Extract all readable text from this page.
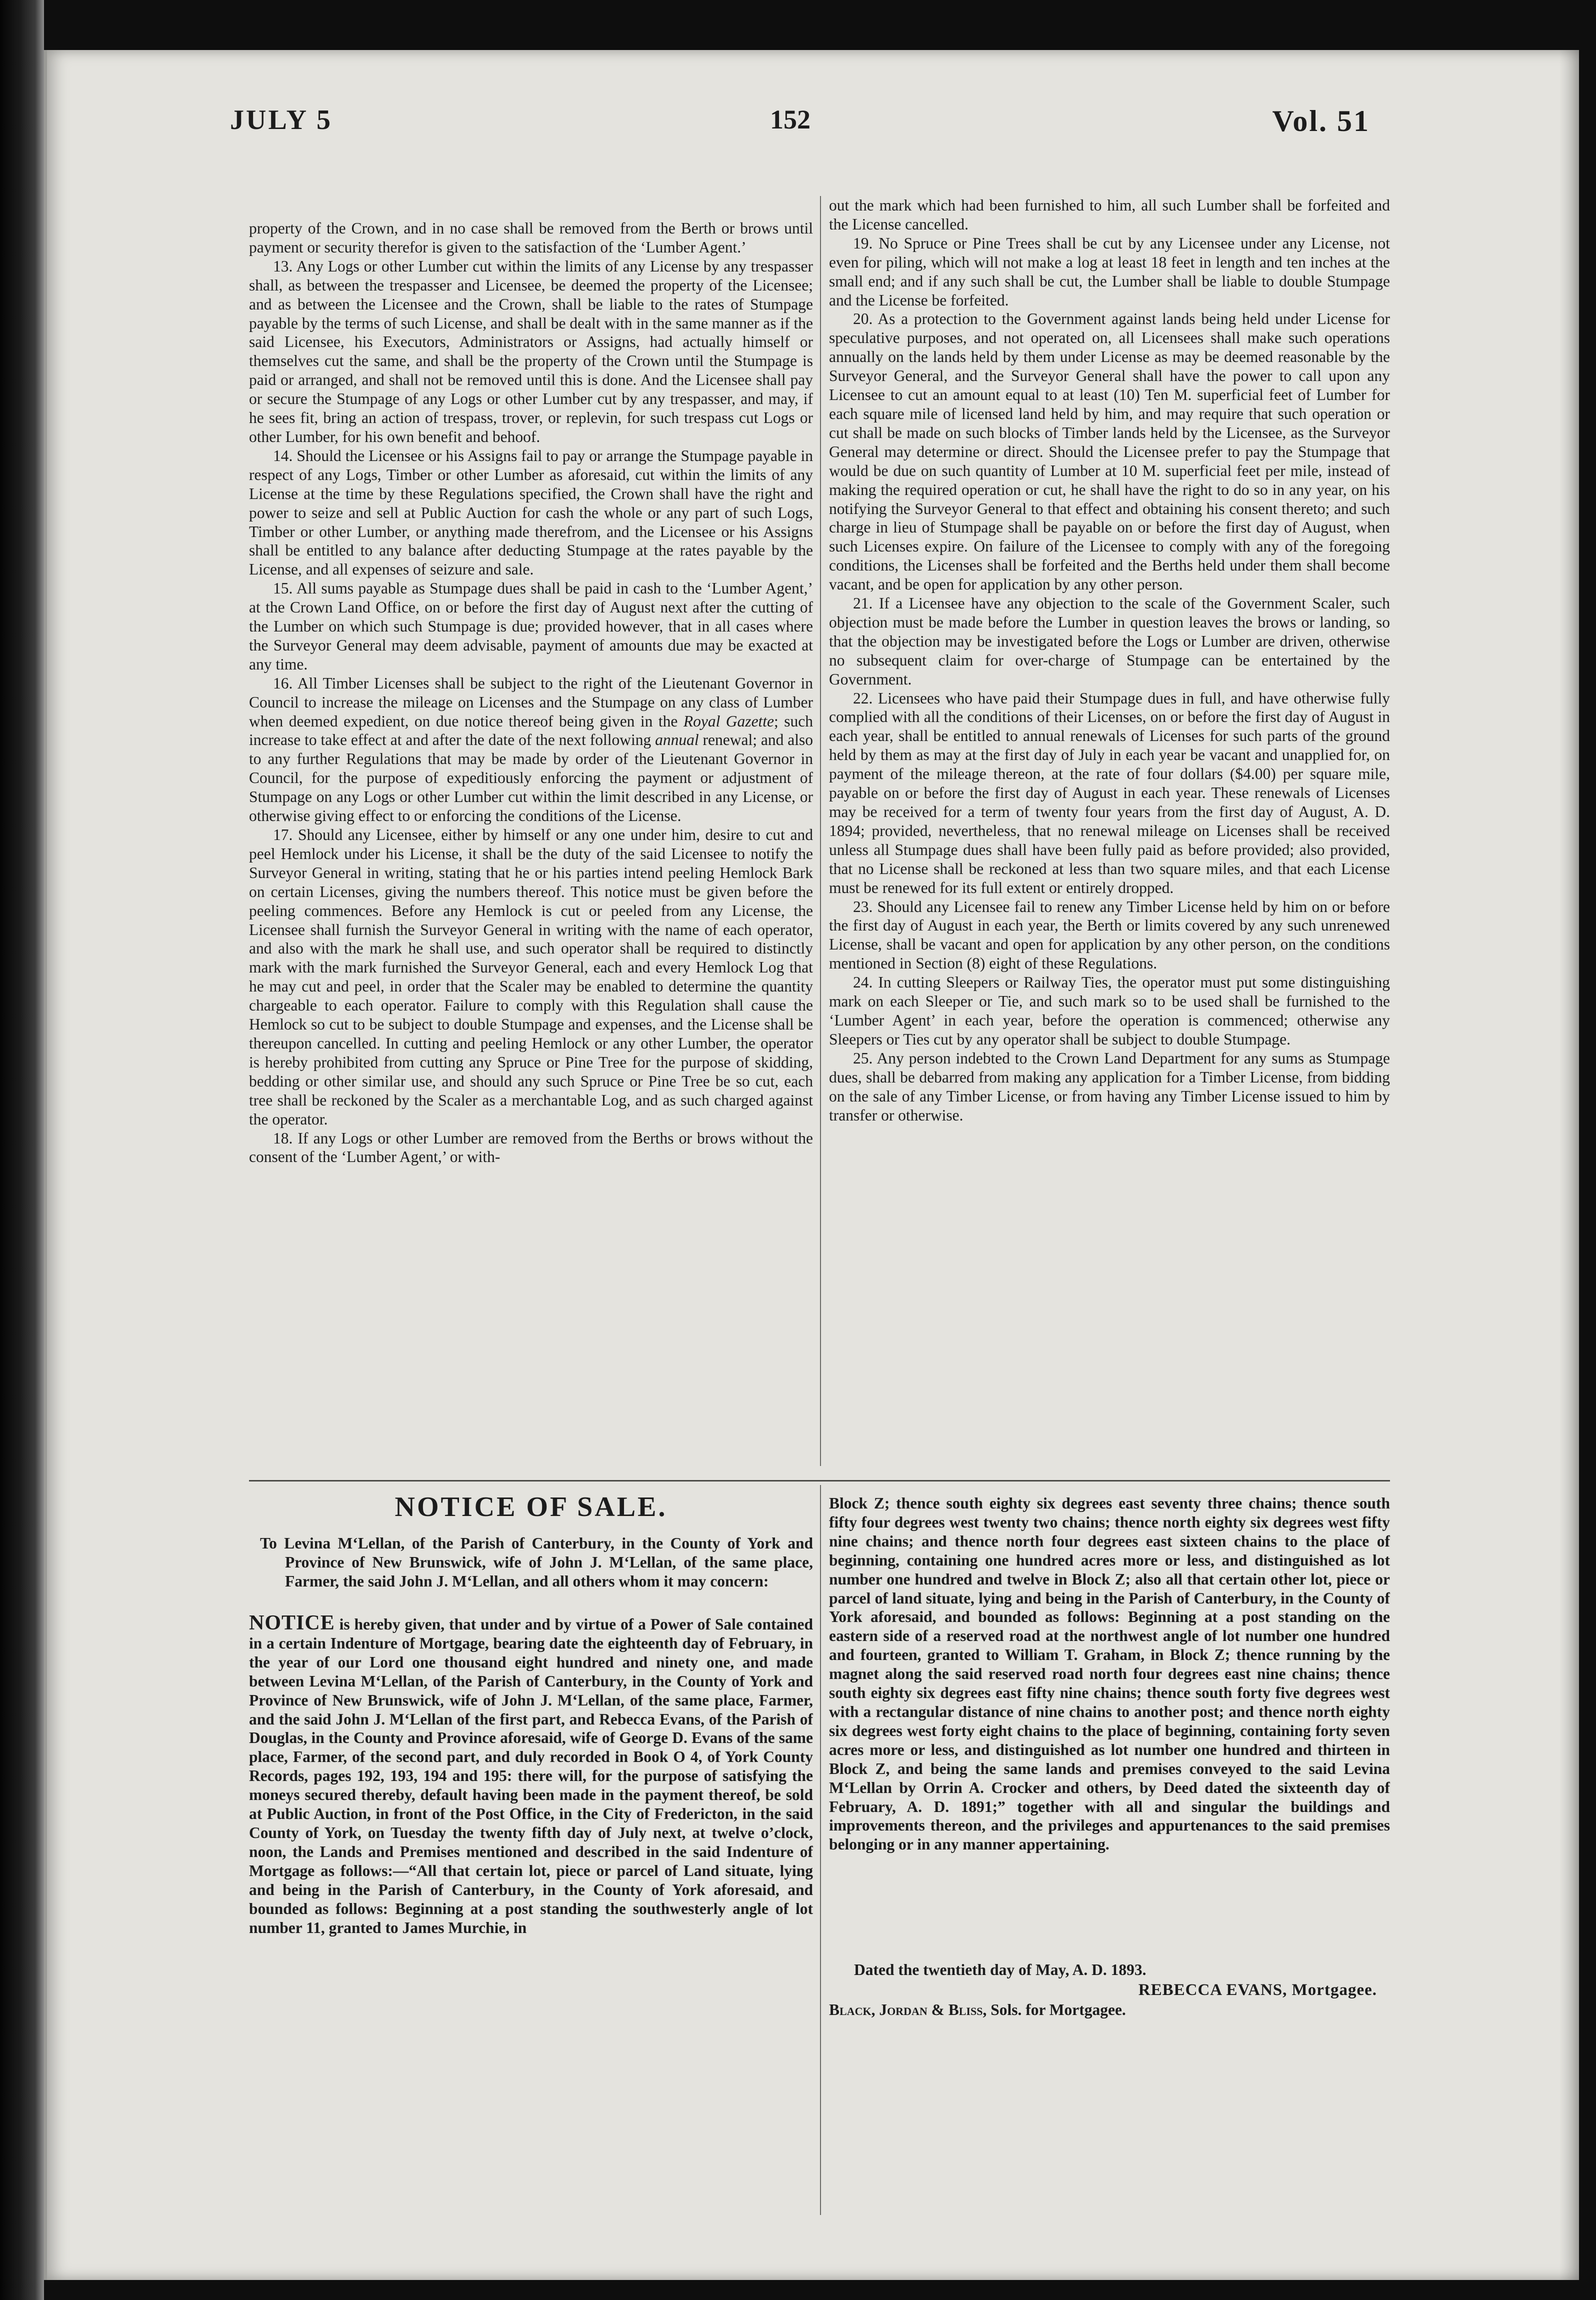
JULY 5	152	Vol. 51

property of the Crown, and in no case shall be removed from the Berth or brows until payment or security therefor is given to the satisfaction of the ‘Lumber Agent.’

13. Any Logs or other Lumber cut within the limits of any License by any trespasser shall, as between the trespasser and Licensee, be deemed the property of the Licensee; and as between the Licensee and the Crown, shall be liable to the rates of Stumpage payable by the terms of such License, and shall be dealt with in the same manner as if the said Licensee, his Executors, Administrators or Assigns, had actually himself or themselves cut the same, and shall be the property of the Crown until the Stumpage is paid or arranged, and shall not be removed until this is done. And the Licensee shall pay or secure the Stumpage of any Logs or other Lumber cut by any trespasser, and may, if he sees fit, bring an action of trespass, trover, or replevin, for such trespass cut Logs or other Lumber, for his own benefit and behoof.

14. Should the Licensee or his Assigns fail to pay or arrange the Stumpage payable in respect of any Logs, Timber or other Lumber as aforesaid, cut within the limits of any License at the time by these Regulations specified, the Crown shall have the right and power to seize and sell at Public Auction for cash the whole or any part of such Logs, Timber or other Lumber, or anything made therefrom, and the Licensee or his Assigns shall be entitled to any balance after deducting Stumpage at the rates payable by the License, and all expenses of seizure and sale.

15. All sums payable as Stumpage dues shall be paid in cash to the ‘Lumber Agent,’ at the Crown Land Office, on or before the first day of August next after the cutting of the Lumber on which such Stumpage is due; provided however, that in all cases where the Surveyor General may deem advisable, payment of amounts due may be exacted at any time.

16. All Timber Licenses shall be subject to the right of the Lieutenant Governor in Council to increase the mileage on Licenses and the Stumpage on any class of Lumber when deemed expedient, on due notice thereof being given in the Royal Gazette; such increase to take effect at and after the date of the next following annual renewal; and also to any further Regulations that may be made by order of the Lieutenant Governor in Council, for the purpose of expeditiously enforcing the payment or adjustment of Stumpage on any Logs or other Lumber cut within the limit described in any License, or otherwise giving effect to or enforcing the conditions of the License.

17. Should any Licensee, either by himself or any one under him, desire to cut and peel Hemlock under his License, it shall be the duty of the said Licensee to notify the Surveyor General in writing, stating that he or his parties intend peeling Hemlock Bark on certain Licenses, giving the numbers thereof. This notice must be given before the peeling commences. Before any Hemlock is cut or peeled from any License, the Licensee shall furnish the Surveyor General in writing with the name of each operator, and also with the mark he shall use, and such operator shall be required to distinctly mark with the mark furnished the Surveyor General, each and every Hemlock Log that he may cut and peel, in order that the Scaler may be enabled to determine the quantity chargeable to each operator. Failure to comply with this Regulation shall cause the Hemlock so cut to be subject to double Stumpage and expenses, and the License shall be thereupon cancelled. In cutting and peeling Hemlock or any other Lumber, the operator is hereby prohibited from cutting any Spruce or Pine Tree for the purpose of skidding, bedding or other similar use, and should any such Spruce or Pine Tree be so cut, each tree shall be reckoned by the Scaler as a merchantable Log, and as such charged against the operator.

18. If any Logs or other Lumber are removed from the Berths or brows without the consent of the ‘Lumber Agent,’ or with-

out the mark which had been furnished to him, all such Lumber shall be forfeited and the License cancelled.

19. No Spruce or Pine Trees shall be cut by any Licensee under any License, not even for piling, which will not make a log at least 18 feet in length and ten inches at the small end; and if any such shall be cut, the Lumber shall be liable to double Stumpage and the License be forfeited.

20. As a protection to the Government against lands being held under License for speculative purposes, and not operated on, all Licensees shall make such operations annually on the lands held by them under License as may be deemed reasonable by the Surveyor General, and the Surveyor General shall have the power to call upon any Licensee to cut an amount equal to at least (10) Ten M. superficial feet of Lumber for each square mile of licensed land held by him, and may require that such operation or cut shall be made on such blocks of Timber lands held by the Licensee, as the Surveyor General may determine or direct. Should the Licensee prefer to pay the Stumpage that would be due on such quantity of Lumber at 10 M. superficial feet per mile, instead of making the required operation or cut, he shall have the right to do so in any year, on his notifying the Surveyor General to that effect and obtaining his consent thereto; and such charge in lieu of Stumpage shall be payable on or before the first day of August, when such Licenses expire. On failure of the Licensee to comply with any of the foregoing conditions, the Licenses shall be forfeited and the Berths held under them shall become vacant, and be open for application by any other person.

21. If a Licensee have any objection to the scale of the Government Scaler, such objection must be made before the Lumber in question leaves the brows or landing, so that the objection may be investigated before the Logs or Lumber are driven, otherwise no subsequent claim for over-charge of Stumpage can be entertained by the Government.

22. Licensees who have paid their Stumpage dues in full, and have otherwise fully complied with all the conditions of their Licenses, on or before the first day of August in each year, shall be entitled to annual renewals of Licenses for such parts of the ground held by them as may at the first day of July in each year be vacant and unapplied for, on payment of the mileage thereon, at the rate of four dollars ($4.00) per square mile, payable on or before the first day of August in each year. These renewals of Licenses may be received for a term of twenty four years from the first day of August, A. D. 1894; provided, nevertheless, that no renewal mileage on Licenses shall be received unless all Stumpage dues shall have been fully paid as before provided; also provided, that no License shall be reckoned at less than two square miles, and that each License must be renewed for its full extent or entirely dropped.

23. Should any Licensee fail to renew any Timber License held by him on or before the first day of August in each year, the Berth or limits covered by any such unrenewed License, shall be vacant and open for application by any other person, on the conditions mentioned in Section (8) eight of these Regulations.

24. In cutting Sleepers or Railway Ties, the operator must put some distinguishing mark on each Sleeper or Tie, and such mark so to be used shall be furnished to the ‘Lumber Agent’ in each year, before the operation is commenced; otherwise any Sleepers or Ties cut by any operator shall be subject to double Stumpage.

25. Any person indebted to the Crown Land Department for any sums as Stumpage dues, shall be debarred from making any application for a Timber License, from bidding on the sale of any Timber License, or from having any Timber License issued to him by transfer or otherwise.

NOTICE OF SALE.
To Levina M‘Lellan, of the Parish of Canterbury, in the County of York and Province of New Brunswick, wife of John J. M‘Lellan, of the same place, Farmer, the said John J. M‘Lellan, and all others whom it may concern:

NOTICE is hereby given, that under and by virtue of a Power of Sale contained in a certain Indenture of Mortgage, bearing date the eighteenth day of February, in the year of our Lord one thousand eight hundred and ninety one, and made between Levina M‘Lellan, of the Parish of Canterbury, in the County of York and Province of New Brunswick, wife of John J. M‘Lellan, of the same place, Farmer, and the said John J. M‘Lellan of the first part, and Rebecca Evans, of the Parish of Douglas, in the County and Province aforesaid, wife of George D. Evans of the same place, Farmer, of the second part, and duly recorded in Book O 4, of York County Records, pages 192, 193, 194 and 195: there will, for the purpose of satisfying the moneys secured thereby, default having been made in the payment thereof, be sold at Public Auction, in front of the Post Office, in the City of Fredericton, in the said County of York, on Tuesday the twenty fifth day of July next, at twelve o’clock, noon, the Lands and Premises mentioned and described in the said Indenture of Mortgage as follows:—“All that certain lot, piece or parcel of Land situate, lying and being in the Parish of Canterbury, in the County of York aforesaid, and bounded as follows: Beginning at a post standing the southwesterly angle of lot number 11, granted to James Murchie, in

Block Z; thence south eighty six degrees east seventy three chains; thence south fifty four degrees west twenty two chains; thence north eighty six degrees west fifty nine chains; and thence north four degrees east sixteen chains to the place of beginning, containing one hundred acres more or less, and distinguished as lot number one hundred and twelve in Block Z; also all that certain other lot, piece or parcel of land situate, lying and being in the Parish of Canterbury, in the County of York aforesaid, and bounded as follows: Beginning at a post standing on the eastern side of a reserved road at the northwest angle of lot number one hundred and fourteen, granted to William T. Graham, in Block Z; thence running by the magnet along the said reserved road north four degrees east nine chains; thence south eighty six degrees east fifty nine chains; thence south forty five degrees west with a rectangular distance of nine chains to another post; and thence north eighty six degrees west forty eight chains to the place of beginning, containing forty seven acres more or less, and distinguished as lot number one hundred and thirteen in Block Z, and being the same lands and premises conveyed to the said Levina M‘Lellan by Orrin A. Crocker and others, by Deed dated the sixteenth day of February, A. D. 1891;” together with all and singular the buildings and improvements thereon, and the privileges and appurtenances to the said premises belonging or in any manner appertaining.

Dated the twentieth day of May, A. D. 1893.
REBECCA EVANS, Mortgagee.
Black, Jordan & Bliss, Sols. for Mortgagee.
